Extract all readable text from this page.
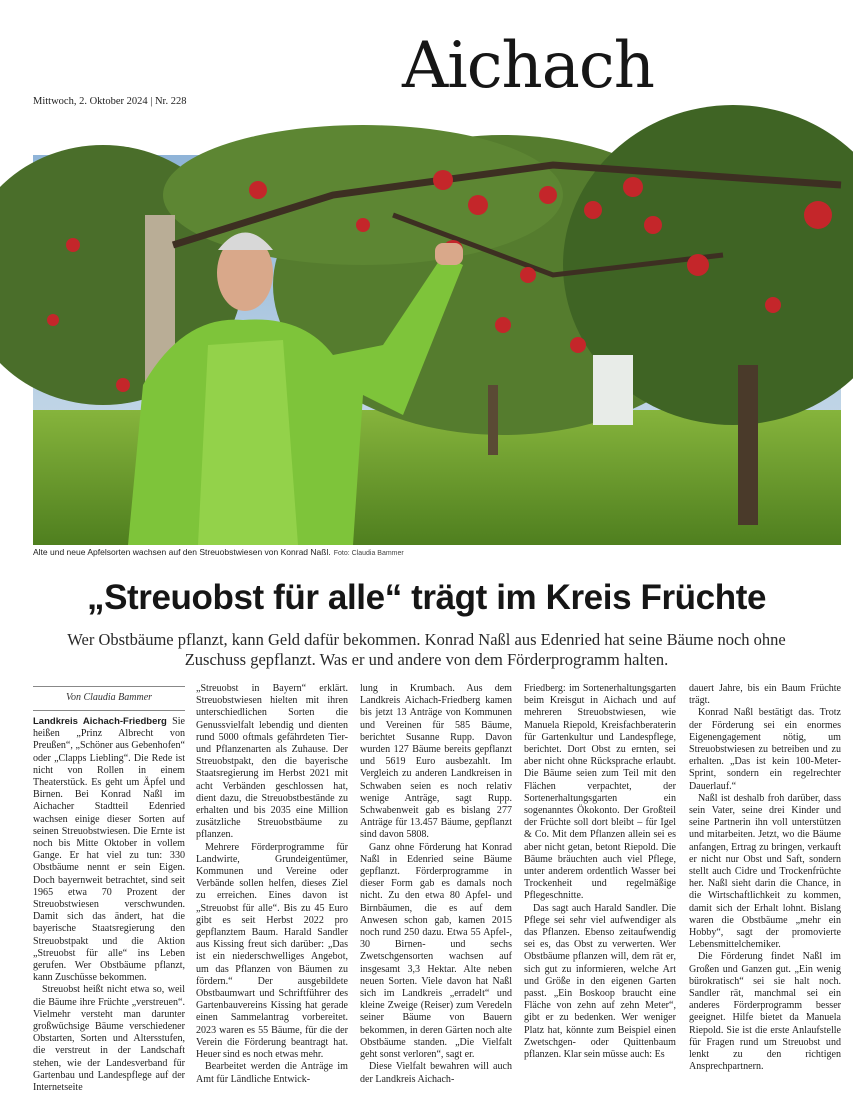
Mittwoch, 2. Oktober 2024 | Nr. 228	Aichach
Alte und neue Apfelsorten wachsen auf den Streuobstwiesen von Konrad Naßl. Foto: Claudia Bammer
„Streuobst für alle“ trägt im Kreis Früchte
Wer Obstbäume pflanzt, kann Geld dafür bekommen. Konrad Naßl aus Edenried hat seine Bäume noch ohne Zuschuss gepflanzt. Was er und andere von dem Förderprogramm halten.
Von Claudia Bammer

Landkreis Aichach-Friedberg Sie heißen „Prinz Albrecht von Preußen“, „Schöner aus Gebenhofen“ oder „Clapps Liebling“. Die Rede ist nicht von Rollen in einem Theaterstück. Es geht um Äpfel und Birnen. Bei Konrad Naßl im Aichacher Stadtteil Edenried wachsen einige dieser Sorten auf seinen Streuobstwiesen. Die Ernte ist noch bis Mitte Oktober in vollem Gange. Er hat viel zu tun: 330 Obstbäume nennt er sein Eigen. Doch bayernweit betrachtet, sind seit 1965 etwa 70 Prozent der Streuobstwiesen verschwunden. Damit sich das ändert, hat die bayerische Staatsregierung den Streuobstpakt und die Aktion „Streuobst für alle“ ins Leben gerufen. Wer Obstbäume pflanzt, kann Zuschüsse bekommen.

Streuobst heißt nicht etwa so, weil die Bäume ihre Früchte „verstreuen“. Vielmehr versteht man darunter großwüchsige Bäume verschiedener Obstarten, Sorten und Altersstufen, die verstreut in der Landschaft stehen, wie der Landesverband für Gartenbau und Landespflege auf der Internetseite

„Streuobst in Bayern“ erklärt. Streuobstwiesen hielten mit ihren unterschiedlichen Sorten die Genussvielfalt lebendig und dienten rund 5000 oftmals gefährdeten Tier- und Pflanzenarten als Zuhause. Der Streuobstpakt, den die bayerische Staatsregierung im Herbst 2021 mit acht Verbänden geschlossen hat, dient dazu, die Streuobstbestände zu erhalten und bis 2035 eine Million zusätzliche Streuobstbäume zu pflanzen.

Mehrere Förderprogramme für Landwirte, Grundeigentümer, Kommunen und Vereine oder Verbände sollen helfen, dieses Ziel zu erreichen. Eines davon ist „Streuobst für alle“. Bis zu 45 Euro gibt es seit Herbst 2022 pro gepflanztem Baum. Harald Sandler aus Kissing freut sich darüber: „Das ist ein niederschwelliges Angebot, um das Pflanzen von Bäumen zu fördern.“ Der ausgebildete Obstbaumwart und Schriftführer des Gartenbauvereins Kissing hat gerade einen Sammelantrag vorbereitet. 2023 waren es 55 Bäume, für die der Verein die Förderung beantragt hat. Heuer sind es noch etwas mehr.

Bearbeitet werden die Anträge im Amt für Ländliche Entwick-

lung in Krumbach. Aus dem Landkreis Aichach-Friedberg kamen bis jetzt 13 Anträge von Kommunen und Vereinen für 585 Bäume, berichtet Susanne Rupp. Davon wurden 127 Bäume bereits gepflanzt und 5619 Euro ausbezahlt. Im Vergleich zu anderen Landkreisen in Schwaben seien es noch relativ wenige Anträge, sagt Rupp. Schwabenweit gab es bislang 277 Anträge für 13.457 Bäume, gepflanzt sind davon 5808.

Ganz ohne Förderung hat Konrad Naßl in Edenried seine Bäume gepflanzt. Förderprogramme in dieser Form gab es damals noch nicht. Zu den etwa 80 Apfel- und Birnbäumen, die es auf dem Anwesen schon gab, kamen 2015 noch rund 250 dazu. Etwa 55 Apfel-, 30 Birnen- und sechs Zwetschgensorten wachsen auf insgesamt 3,3 Hektar. Alte neben neuen Sorten. Viele davon hat Naßl sich im Landkreis „erradelt“ und kleine Zweige (Reiser) zum Veredeln seiner Bäume von Bauern bekommen, in deren Gärten noch alte Obstbäume standen. „Die Vielfalt geht sonst verloren“, sagt er.

Diese Vielfalt bewahren will auch der Landkreis Aichach-

Friedberg: im Sortenerhaltungsgarten beim Kreisgut in Aichach und auf mehreren Streuobstwiesen, wie Manuela Riepold, Kreisfachberaterin für Gartenkultur und Landespflege, berichtet. Dort Obst zu ernten, sei aber nicht ohne Rücksprache erlaubt. Die Bäume seien zum Teil mit den Flächen verpachtet, der Sortenerhaltungsgarten ein sogenanntes Ökokonto. Der Großteil der Früchte soll dort bleibt – für Igel & Co. Mit dem Pflanzen allein sei es aber nicht getan, betont Riepold. Die Bäume bräuchten auch viel Pflege, unter anderem ordentlich Wasser bei Trockenheit und regelmäßige Pflegeschnitte.

Das sagt auch Harald Sandler. Die Pflege sei sehr viel aufwendiger als das Pflanzen. Ebenso zeitaufwendig sei es, das Obst zu verwerten. Wer Obstbäume pflanzen will, dem rät er, sich gut zu informieren, welche Art und Größe in den eigenen Garten passt. „Ein Boskoop braucht eine Fläche von zehn auf zehn Meter“, gibt er zu bedenken. Wer weniger Platz hat, könnte zum Beispiel einen Zwetschgen- oder Quittenbaum pflanzen. Klar sein müsse auch: Es

dauert Jahre, bis ein Baum Früchte trägt.

Konrad Naßl bestätigt das. Trotz der Förderung sei ein enormes Eigenengagement nötig, um Streuobstwiesen zu betreiben und zu erhalten. „Das ist kein 100-Meter-Sprint, sondern ein regelrechter Dauerlauf.“

Naßl ist deshalb froh darüber, dass sein Vater, seine drei Kinder und seine Partnerin ihn voll unterstützen und mitarbeiten. Jetzt, wo die Bäume anfangen, Ertrag zu bringen, verkauft er nicht nur Obst und Saft, sondern stellt auch Cidre und Trockenfrüchte her. Naßl sieht darin die Chance, in die Wirtschaftlichkeit zu kommen, damit sich der Erhalt lohnt. Bislang waren die Obstbäume „mehr ein Hobby“, sagt der promovierte Lebensmittelchemiker.

Die Förderung findet Naßl im Großen und Ganzen gut. „Ein wenig bürokratisch“ sei sie halt noch. Sandler rät, manchmal sei ein anderes Förderprogramm besser geeignet. Hilfe bietet da Manuela Riepold. Sie ist die erste Anlaufstelle für Fragen rund um Streuobst und lenkt zu den richtigen Ansprechpartnern.
